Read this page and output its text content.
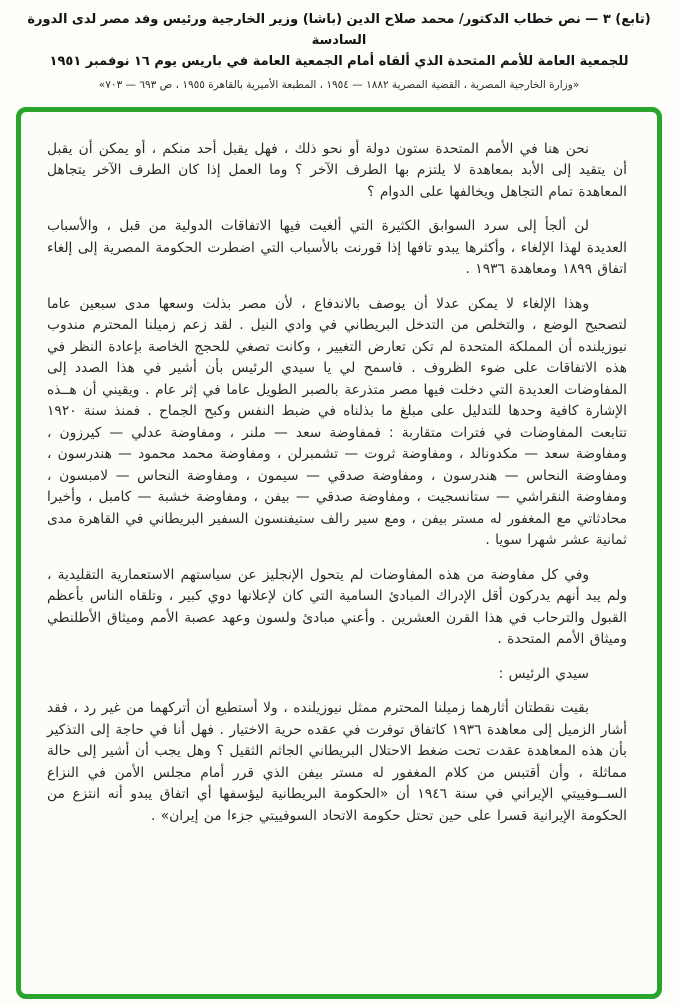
(تابع) ٣ — نص خطاب الدكتور/ محمد صلاح الدين (باشا) وزير الخارجية ورئيس وفد مصر لدى الدورة السادسة
للجمعية العامة للأمم المتحدة الذي ألقاه أمام الجمعية العامة في باريس يوم ١٦ نوفمبر ١٩٥١
«وزارة الخارجية المصرية ، القضية المصرية ١٨٨٢ — ١٩٥٤ ، المطبعة الأميرية بالقاهرة ١٩٥٥ ، ص ٦٩٣ — ٧٠٣»

نحن هنا في الأمم المتحدة ستون دولة أو نحو ذلك ، فهل يقبل أحد منكم ، أو يمكن أن يقبل أن يتقيد إلى الأبد بمعاهدة لا يلتزم بها الطرف الآخر ؟ وما العمل إذا كان الطرف الآخر يتجاهل المعاهدة تمام التجاهل ويخالفها على الدوام ؟

لن ألجأ إلى سرد السوابق الكثيرة التي ألغيت فيها الاتفاقات الدولية من قبل ، والأسباب العديدة لهذا الإلغاء ، وأكثرها يبدو تافها إذا قورنت بالأسباب التي اضطرت الحكومة المصرية إلى إلغاء اتفاق ١٨٩٩ ومعاهدة ١٩٣٦ .

وهذا الإلغاء لا يمكن عدلا أن يوصف بالاندفاع ، لأن مصر بذلت وسعها مدى سبعين عاما لتصحيح الوضع ، والتخلص من التدخل البريطاني في وادي النيل . لقد زعم زميلنا المحترم مندوب نيوزيلنده أن المملكة المتحدة لم تكن تعارض التغيير ، وكانت تصغي للحجج الخاصة بإعادة النظر في هذه الاتفاقات على ضوء الظروف . فاسمح لي يا سيدي الرئيس بأن أشير في هذا الصدد إلى المفاوضات العديدة التي دخلت فيها مصر متذرعة بالصبر الطويل عاما في إثر عام . ويقيني أن هــذه الإشارة كافية وحدها للتدليل على مبلغ ما بذلناه في ضبط النفس وكبح الجماح . فمنذ سنة ١٩٢٠ تتابعت المفاوضات في فترات متقاربة : فمفاوضة سعد — ملنر ، ومفاوضة عدلي — كيرزون ، ومفاوضة سعد — مكدونالد ، ومفاوضة ثروت — تشمبرلن ، ومفاوضة محمد محمود — هندرسون ، ومفاوضة النحاس — هندرسون ، ومفاوضة صدقي — سيمون ، ومفاوضة النحاس — لامبسون ، ومفاوضة النقراشي — ستانسجيت ، ومفاوضة صدقي — بيفن ، ومفاوضة خشبة — كامبل ، وأخيرا محادثاتي مع المغفور له مستر بيفن ، ومع سير رالف ستيفنسون السفير البريطاني في القاهرة مدى ثمانية عشر شهرا سويا .

وفي كل مفاوضة من هذه المفاوضات لم يتحول الإنجليز عن سياستهم الاستعمارية التقليدية ، ولم يبد أنهم يدركون أقل الإدراك المبادئ السامية التي كان لإعلانها دوي كبير ، وتلقاه الناس بأعظم القبول والترحاب في هذا القرن العشرين . وأعني مبادئ ولسون وعهد عصبة الأمم وميثاق الأطلنطي وميثاق الأمم المتحدة .

سيدي الرئيس :

بقيت نقطتان أثارهما زميلنا المحترم ممثل نيوزيلنده ، ولا أستطيع أن أتركهما من غير رد ، فقد أشار الزميل إلى معاهدة ١٩٣٦ كاتفاق توفرت في عقده حرية الاختيار . فهل أنا في حاجة إلى التذكير بأن هذه المعاهدة عقدت تحت ضغط الاحتلال البريطاني الجاثم الثقيل ؟ وهل يجب أن أشير إلى حالة مماثلة ، وأن أقتبس من كلام المغفور له مستر بيفن الذي قرر أمام مجلس الأمن في النزاع الســوفييتي الإيراني في سنة ١٩٤٦ أن «الحكومة البريطانية ليؤسفها أي اتفاق يبدو أنه انتزع من الحكومة الإيرانية قسرا على حين تحتل حكومة الاتحاد السوفييتي جزءا من إيران» .
